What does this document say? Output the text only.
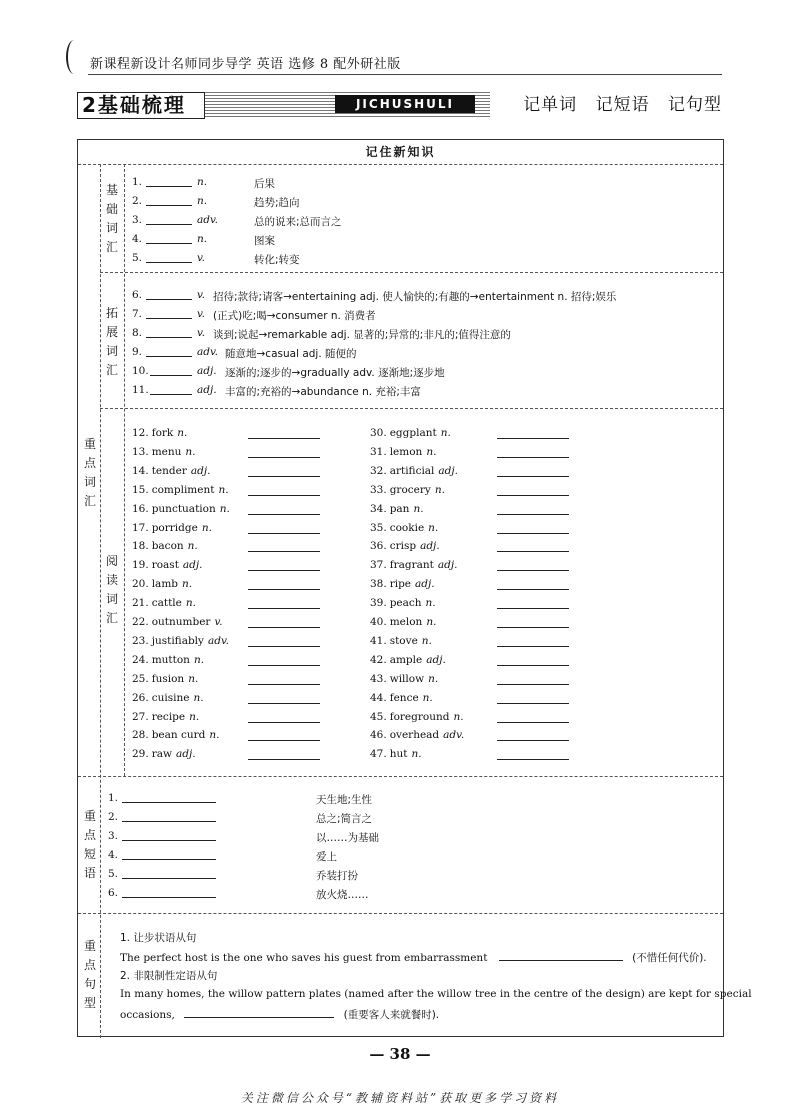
新课程新设计名师同步导学 英语 选修 8 配外研社版
2基础梳理	JICHUSHULI	记单词 记短语 记句型
记住新知识
重点词汇
基础词汇
拓展词汇
阅读词汇
重点短语
重点句型
1.	n.	后果
2.	n.	趋势;趋向
3.	adv.	总的说来;总而言之
4.	n.	图案
5.	v.	转化;转变
6.	v. 招待;款待;请客→entertaining adj. 使人愉快的;有趣的→entertainment n. 招待;娱乐
7.	v. (正式)吃;喝→consumer n. 消费者
8.	v. 谈到;说起→remarkable adj. 显著的;异常的;非凡的;值得注意的
9.	adv. 随意地→casual adj. 随便的
10.	adj. 逐渐的;逐步的→gradually adv. 逐渐地;逐步地
11.	adj. 丰富的;充裕的→abundance n. 充裕;丰富
12. fork n.
13. menu n.
14. tender adj.
15. compliment n.
16. punctuation n.
17. porridge n.
18. bacon n.
19. roast adj.
20. lamb n.
21. cattle n.
22. outnumber v.
23. justifiably adv.
24. mutton n.
25. fusion n.
26. cuisine n.
27. recipe n.
28. bean curd n.
29. raw adj.
30. eggplant n.
31. lemon n.
32. artificial adj.
33. grocery n.
34. pan n.
35. cookie n.
36. crisp adj.
37. fragrant adj.
38. ripe adj.
39. peach n.
40. melon n.
41. stove n.
42. ample adj.
43. willow n.
44. fence n.
45. foreground n.
46. overhead adv.
47. hut n.
1.	天生地;生性
2.	总之;简言之
3.	以……为基础
4.	爱上
5.	乔装打扮
6.	放火烧……
1. 让步状语从句
The perfect host is the one who saves his guest from embarrassment	(不惜任何代价).
2. 非限制性定语从句
In many homes, the willow pattern plates (named after the willow tree in the centre of the design) are kept for special
occasions,	(重要客人来就餐时).
— 38 —
关注微信公众号“教辅资料站”获取更多学习资料
